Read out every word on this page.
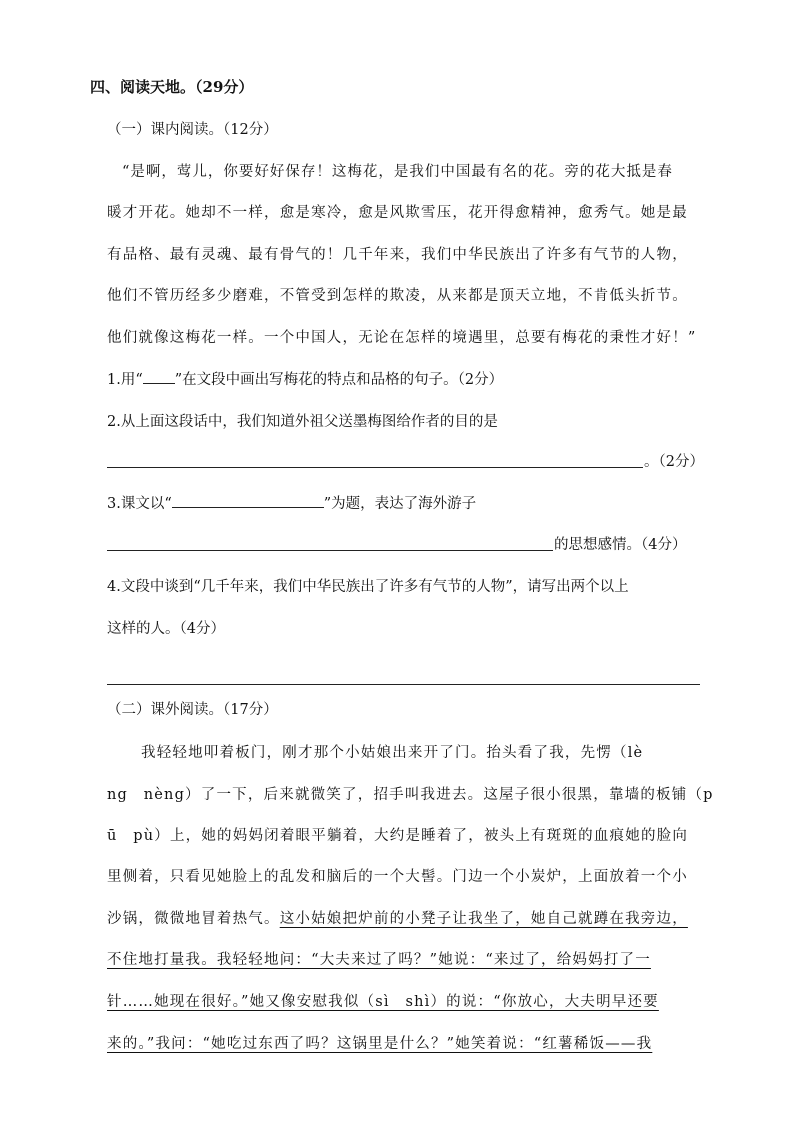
四、阅读天地。（29分）
（一）课内阅读。（12分）
“是啊，莺儿，你要好好保存！这梅花，是我们中国最有名的花。旁的花大抵是春
暖才开花。她却不一样，愈是寒冷，愈是风欺雪压，花开得愈精神，愈秀气。她是最
有品格、最有灵魂、最有骨气的！几千年来，我们中华民族出了许多有气节的人物，
他们不管历经多少磨难，不管受到怎样的欺凌，从来都是顶天立地，不肯低头折节。
他们就像这梅花一样。一个中国人，无论在怎样的境遇里，总要有梅花的秉性才好！”
1.用“ ”在文段中画出写梅花的特点和品格的句子。（2分）
2.从上面这段话中，我们知道外祖父送墨梅图给作者的目的是
。（2分）
3.课文以“	”为题，表达了海外游子
的思想感情。（4分）
4.文段中谈到“几千年来，我们中华民族出了许多有气节的人物”，请写出两个以上
这样的人。（4分）
（二）课外阅读。（17分）
我轻轻地叩着板门，刚才那个小姑娘出来开了门。抬头看了我，先愣（lè
ng　nèng）了一下，后来就微笑了，招手叫我进去。这屋子很小很黑，靠墙的板铺（p
ū　pù）上，她的妈妈闭着眼平躺着，大约是睡着了，被头上有斑斑的血痕她的脸向
里侧着，只看见她脸上的乱发和脑后的一个大髻。门边一个小炭炉，上面放着一个小
沙锅，微微地冒着热气。这小姑娘把炉前的小凳子让我坐了，她自己就蹲在我旁边，
不住地打量我。我轻轻地问：“大夫来过了吗？”她说：“来过了，给妈妈打了一
针……她现在很好。”她又像安慰我似（sì　shì）的说：“你放心，大夫明早还要
来的。”我问：“她吃过东西了吗？这锅里是什么？”她笑着说：“红薯稀饭——我
